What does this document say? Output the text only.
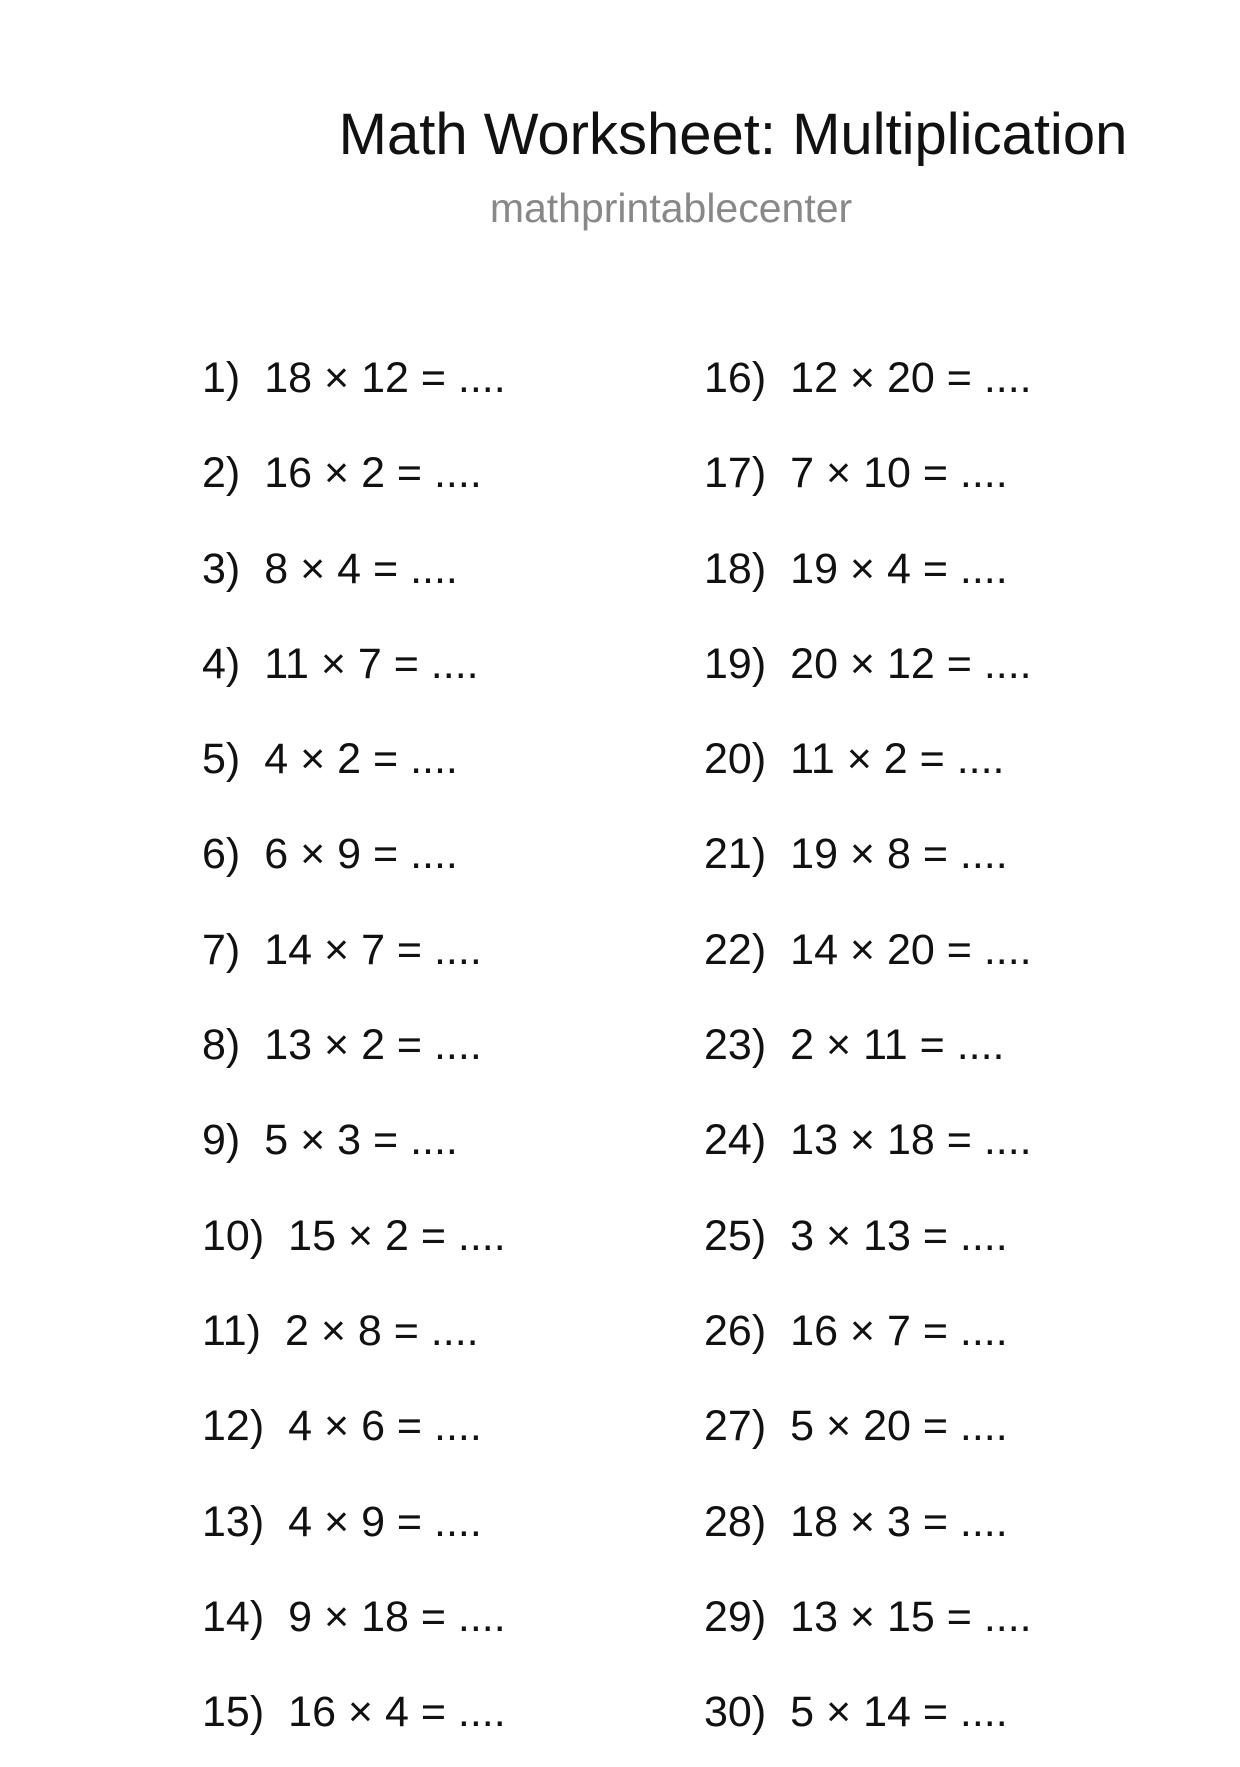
Math Worksheet: Multiplication
mathprintablecenter
1) 18 × 12 = ....
2) 16 × 2 = ....
3) 8 × 4 = ....
4) 11 × 7 = ....
5) 4 × 2 = ....
6) 6 × 9 = ....
7) 14 × 7 = ....
8) 13 × 2 = ....
9) 5 × 3 = ....
10) 15 × 2 = ....
11) 2 × 8 = ....
12) 4 × 6 = ....
13) 4 × 9 = ....
14) 9 × 18 = ....
15) 16 × 4 = ....
16) 12 × 20 = ....
17) 7 × 10 = ....
18) 19 × 4 = ....
19) 20 × 12 = ....
20) 11 × 2 = ....
21) 19 × 8 = ....
22) 14 × 20 = ....
23) 2 × 11 = ....
24) 13 × 18 = ....
25) 3 × 13 = ....
26) 16 × 7 = ....
27) 5 × 20 = ....
28) 18 × 3 = ....
29) 13 × 15 = ....
30) 5 × 14 = ....
